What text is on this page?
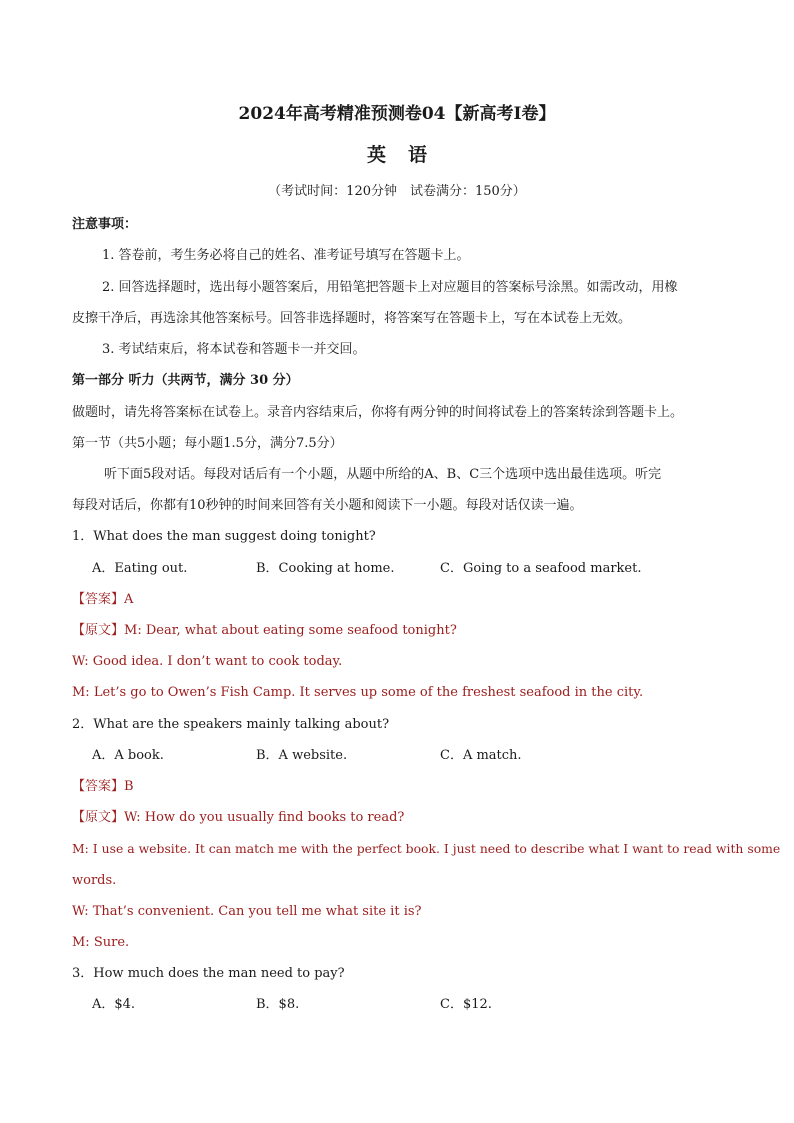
2024年高考精准预测卷04【新高考I卷】
英语
（考试时间：120分钟　试卷满分：150分）
注意事项：
1. 答卷前，考生务必将自己的姓名、准考证号填写在答题卡上。
2. 回答选择题时，选出每小题答案后，用铅笔把答题卡上对应题目的答案标号涂黑。如需改动，用橡
皮擦干净后，再选涂其他答案标号。回答非选择题时，将答案写在答题卡上，写在本试卷上无效。
3. 考试结束后，将本试卷和答题卡一并交回。
第一部分 听力（共两节，满分 30 分）
做题时，请先将答案标在试卷上。录音内容结束后，你将有两分钟的时间将试卷上的答案转涂到答题卡上。
第一节（共5小题；每小题1.5分，满分7.5分）
听下面5段对话。每段对话后有一个小题，从题中所给的A、B、C三个选项中选出最佳选项。听完
每段对话后，你都有10秒钟的时间来回答有关小题和阅读下一小题。每段对话仅读一遍。
1．What does the man suggest doing tonight?
A．Eating out.	B．Cooking at home.	C．Going to a seafood market.
【答案】A
【原文】M: Dear, what about eating some seafood tonight?
W: Good idea. I don’t want to cook today.
M: Let’s go to Owen’s Fish Camp. It serves up some of the freshest seafood in the city.
2．What are the speakers mainly talking about?
A．A book.	B．A website.	C．A match.
【答案】B
【原文】W: How do you usually find books to read?
M: I use a website. It can match me with the perfect book. I just need to describe what I want to read with some
words.
W: That’s convenient. Can you tell me what site it is?
M: Sure.
3．How much does the man need to pay?
A．$4.	B．$8.	C．$12.
